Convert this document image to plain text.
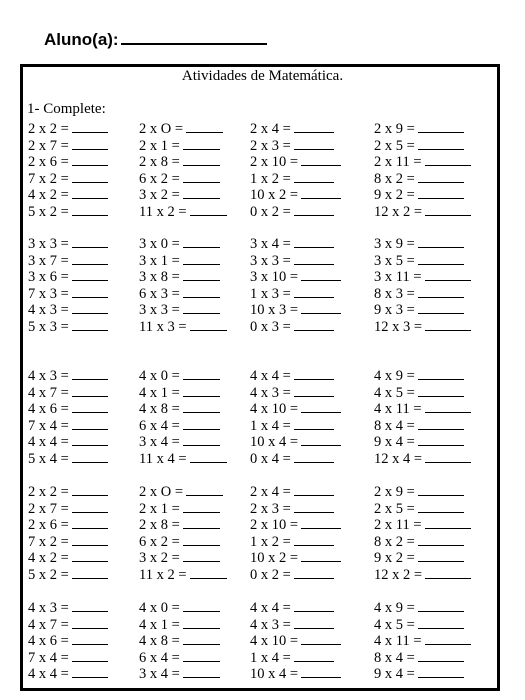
Aluno(a):
Atividades de Matemática.
1- Complete:
2 x 2 =
2 x 7 =
2 x 6 =
7 x 2 =
4 x 2 =
5 x 2 =
2 x O =
2 x 1 =
2 x 8 =
6 x 2 =
3 x 2 =
11 x 2 =
2 x 4 =
2 x 3 =
2 x 10 =
1 x 2 =
10 x 2 =
0 x 2 =
2 x 9 =
2 x 5 =
2 x 11 =
8 x 2 =
9 x 2 =
12 x 2 =
3 x 3 =
3 x 7 =
3 x 6 =
7 x 3 =
4 x 3 =
5 x 3 =
3 x 0 =
3 x 1 =
3 x 8 =
6 x 3 =
3 x 3 =
11 x 3 =
3 x 4 =
3 x 3 =
3 x 10 =
1 x 3 =
10 x 3 =
0 x 3 =
3 x 9 =
3 x 5 =
3 x 11 =
8 x 3 =
9 x 3 =
12 x 3 =
4 x 3 =
4 x 7 =
4 x 6 =
7 x 4 =
4 x 4 =
5 x 4 =
4 x 0 =
4 x 1 =
4 x 8 =
6 x 4 =
3 x 4 =
11 x 4 =
4 x 4 =
4 x 3 =
4 x 10 =
1 x 4 =
10 x 4 =
0 x 4 =
4 x 9 =
4 x 5 =
4 x 11 =
8 x 4 =
9 x 4 =
12 x 4 =
2 x 2 =
2 x 7 =
2 x 6 =
7 x 2 =
4 x 2 =
5 x 2 =
2 x O =
2 x 1 =
2 x 8 =
6 x 2 =
3 x 2 =
11 x 2 =
2 x 4 =
2 x 3 =
2 x 10 =
1 x 2 =
10 x 2 =
0 x 2 =
2 x 9 =
2 x 5 =
2 x 11 =
8 x 2 =
9 x 2 =
12 x 2 =
4 x 3 =
4 x 7 =
4 x 6 =
7 x 4 =
4 x 4 =
4 x 0 =
4 x 1 =
4 x 8 =
6 x 4 =
3 x 4 =
4 x 4 =
4 x 3 =
4 x 10 =
1 x 4 =
10 x 4 =
4 x 9 =
4 x 5 =
4 x 11 =
8 x 4 =
9 x 4 =
